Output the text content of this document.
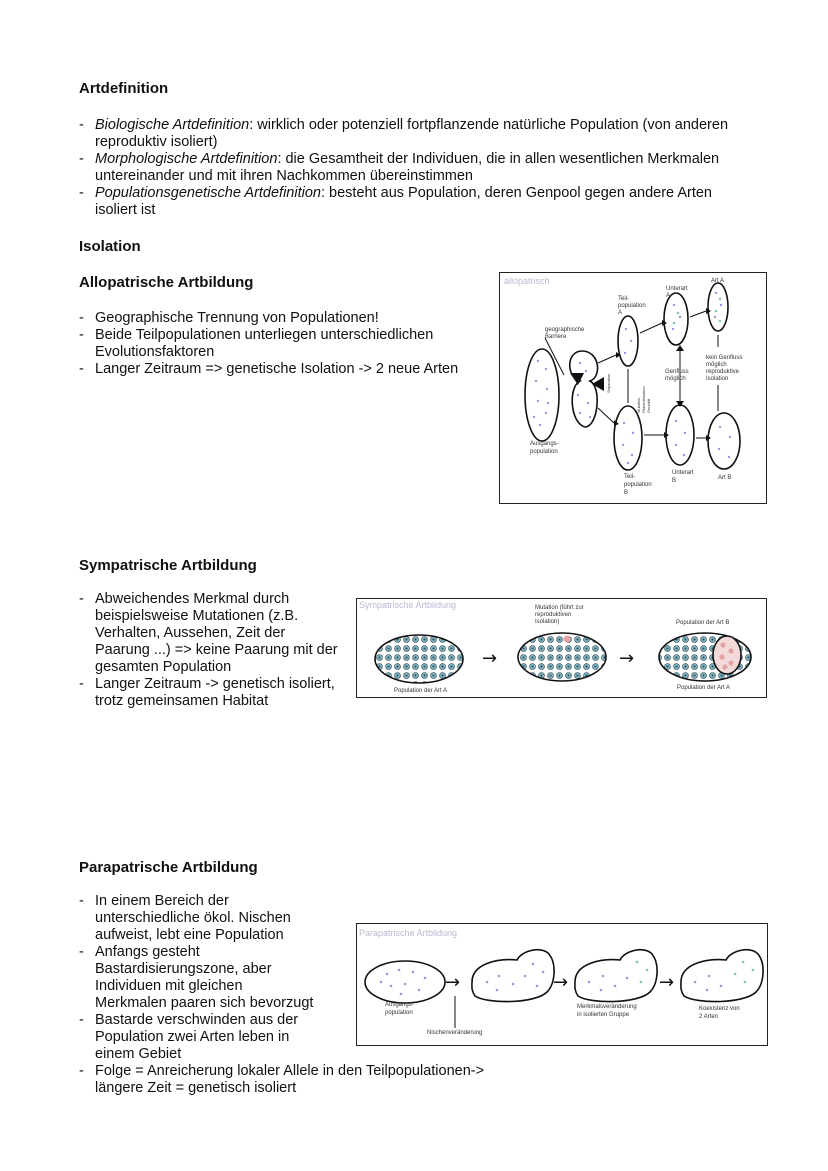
Artdefinition
- Biologische Artdefinition: wirklich oder potenziell fortpflanzende natürliche Population (von anderen reproduktiv isoliert)
- Morphologische Artdefinition: die Gesamtheit der Individuen, die in allen wesentlichen Merkmalen untereinander und mit ihren Nachkommen übereinstimmen
- Populationsgenetische Artdefinition: besteht aus Population, deren Genpool gegen andere Arten isoliert ist
Isolation
Allopatrische Artbildung
- Geographische Trennung von Populationen!
- Beide Teilpopulationen unterliegen unterschiedlichen Evolutionsfaktoren
- Langer Zeitraum => genetische Isolation -> 2 neue Arten
allopatrisch
geographische
Barriere
Ausgangs-
population
Teil-
population
A
Teil-
population
B
Unterart
A
Unterart
B
Art A
Art B
Genfluss
möglich
kein Genfluss
möglich
reproduktive
Isolation
Separation
Mutation Rekombination Gendrift
Sympatrische Artbildung
- Abweichendes Merkmal durch beispielsweise Mutationen (z.B. Verhalten, Aussehen, Zeit der Paarung ...) => keine Paarung mit der gesamten Population
- Langer Zeitraum -> genetisch isoliert, trotz gemeinsamen Habitat
Sympatrische Artbildung
→	→
Population der Art A
Mutation (führt zur
reproduktiven
Isolation)	Population der Art B
Population der Art A
Parapatrische Artbildung
- In einem Bereich der unterschiedliche ökol. Nischen aufweist, lebt eine Population
- Anfangs gesteht Bastardisierungszone, aber Individuen mit gleichen Merkmalen paaren sich bevorzugt
- Bastarde verschwinden aus der Population zwei Arten leben in einem Gebiet
- Folge = Anreicherung lokaler Allele in den Teilpopulationen-> längere Zeit = genetisch isoliert
Parapatrische Artbildung
→	→	→
Ausgangs-
population
Nischenveränderung
Merkmalsveränderung
in isolierten Gruppe
Koexistenz von
2 Arten
